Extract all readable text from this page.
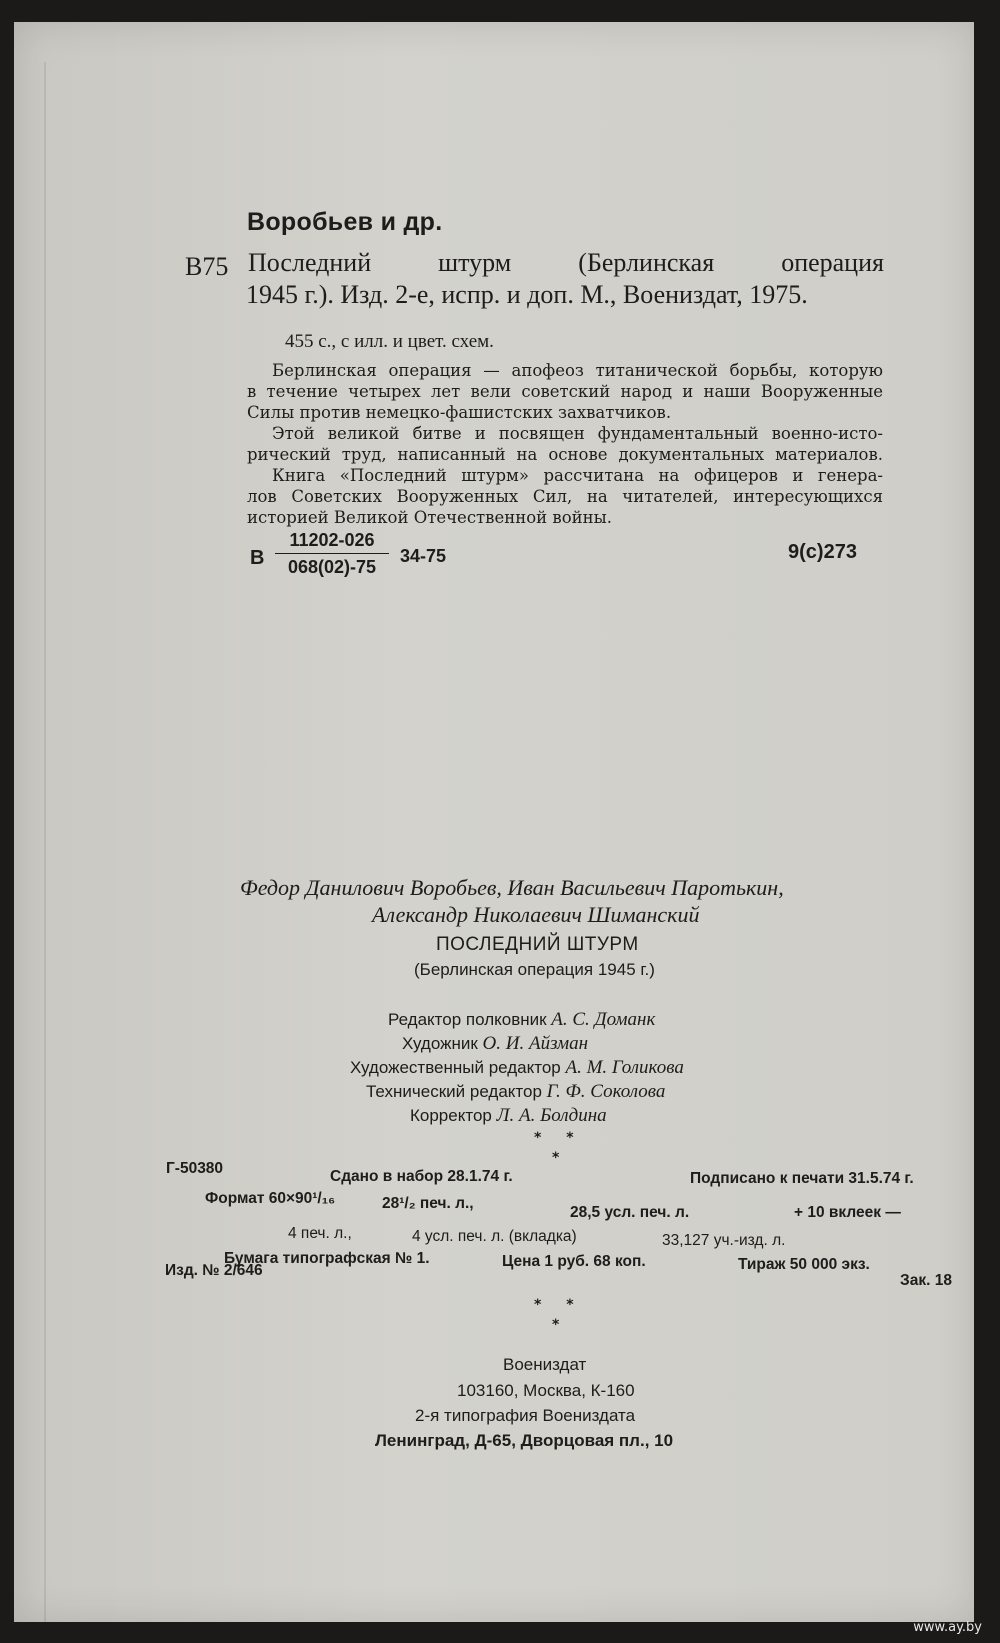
Воробьев и др.
В75 Последний	штурм	(Берлинская	операция
1945 г.). Изд. 2-е, испр. и доп. М., Воениздат, 1975.
455 с., с илл. и цвет. схем.
Берлинская операция — апофеоз титанической борьбы, которую
в течение четырех лет вели советский народ и наши Вооруженные
Силы против немецко-фашистских захватчиков.
Этой великой битве и посвящен фундаментальный военно-исто-
рический труд, написанный на основе документальных материалов.
Книга «Последний штурм» рассчитана на офицеров и генера-
лов Советских Вооруженных Сил, на читателей, интересующихся
историей Великой Отечественной войны.
В $\frac{11202-026}{068(02)-75} 34-75$	9(с)273
Федор Данилович Воробьев, Иван Васильевич Паротькин,
Александр Николаевич Шиманский
ПОСЛЕДНИЙ ШТУРМ
(Берлинская операция 1945 г.)
Редактор полковник А. С. Доманк
Художник О. И. Айзман
Художественный редактор А. М. Голикова
Технический редактор Г. Ф. Соколова
Корректор Л. А. Болдина
* *
*
Г-50380	Сдано в набор 28.1.74 г.	Подписано к печати 31.5.74 г.
Формат 60×90¹/₁₆	28¹/₂ печ. л.,
28,5 усл. печ. л.	+ 10 вклеек —
4 печ. л.,	4 усл. печ. л. (вкладка)	33,127 уч.-изд. л.
Бумага типографская № 1.	Цена 1 руб. 68 коп.	Тираж 50 000 экз.
Изд. № 2/646
Зак. 18
* *
*
Воениздат
103160, Москва, К-160
2-я типография Воениздата
Ленинград, Д-65, Дворцовая пл., 10
www.ay.by
